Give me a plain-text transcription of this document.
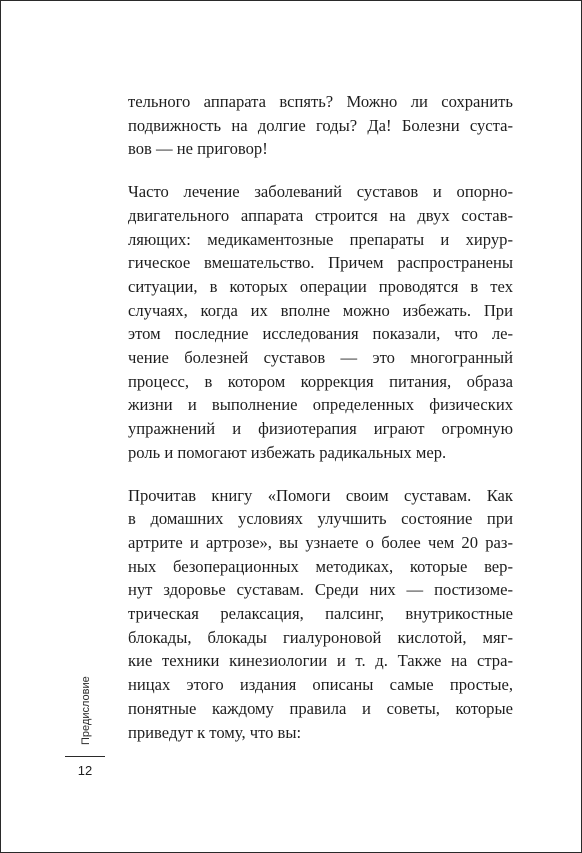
тельного аппарата вспять? Можно ли сохранить
подвижность на долгие годы? Да! Болезни суста-
вов — не приговор!
Часто лечение заболеваний суставов и опорно-
двигательного аппарата строится на двух состав-
ляющих: медикаментозные препараты и хирур-
гическое вмешательство. Причем распространены
ситуации, в которых операции проводятся в тех
случаях, когда их вполне можно избежать. При
этом последние исследования показали, что ле-
чение болезней суставов — это многогранный
процесс, в котором коррекция питания, образа
жизни и выполнение определенных физических
упражнений и физиотерапия играют огромную
роль и помогают избежать радикальных мер.
Прочитав книгу «Помоги своим суставам. Как
в домашних условиях улучшить состояние при
артрите и артрозе», вы узнаете о более чем 20 раз-
ных безоперационных методиках, которые вер-
нут здоровье суставам. Среди них — постизоме-
трическая релаксация, палсинг, внутрикостные
блокады, блокады гиалуроновой кислотой, мяг-
кие техники кинезиологии и т. д. Также на стра-
ницах этого издания описаны самые простые,
понятные каждому правила и советы, которые
приведут к тому, что вы:
Предисловие
12
